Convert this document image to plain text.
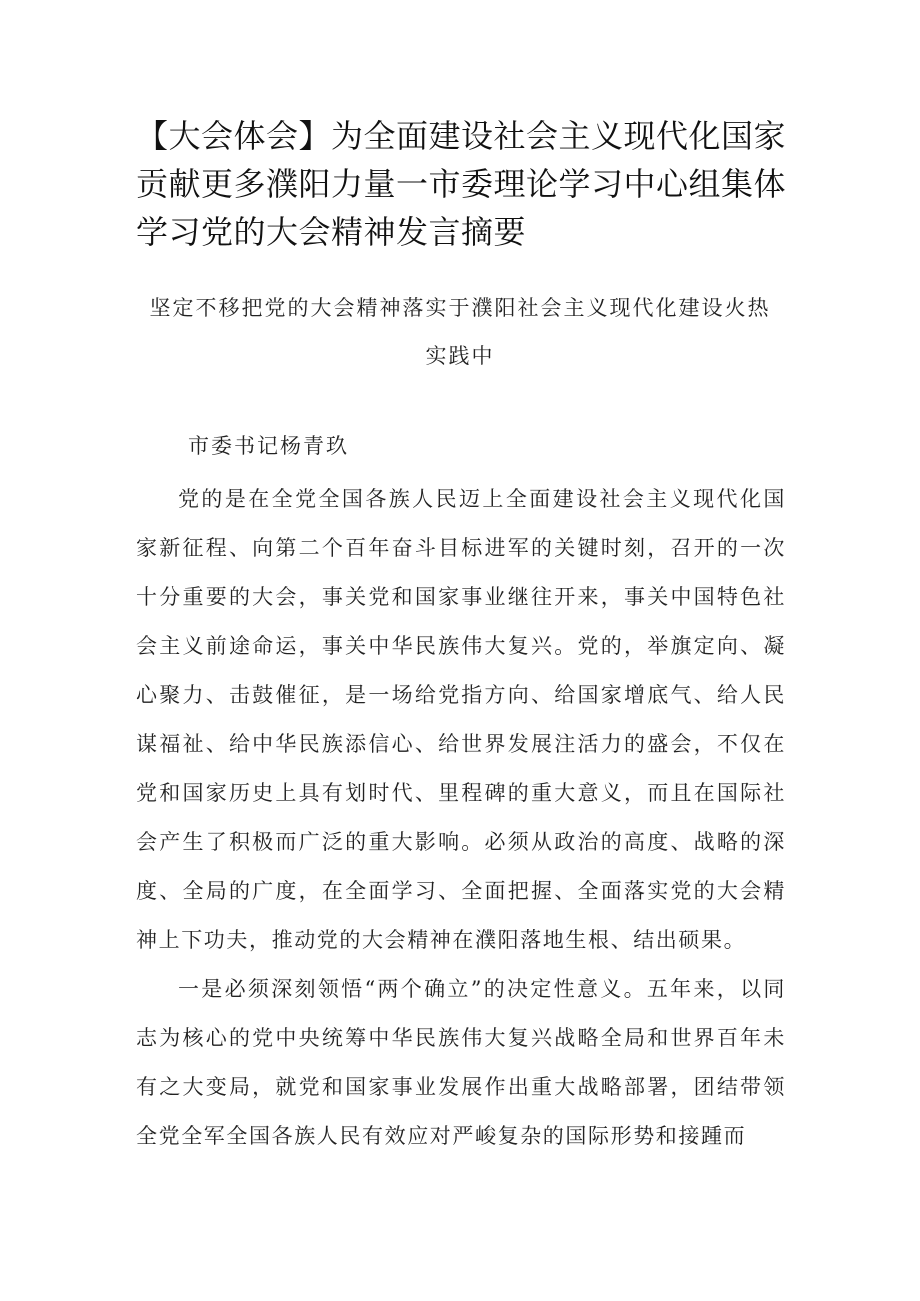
【大会体会】为全面建设社会主义现代化国家贡献更多濮阳力量一市委理论学习中心组集体学习党的大会精神发言摘要

坚定不移把党的大会精神落实于濮阳社会主义现代化建设火热实践中

市委书记杨青玖

党的是在全党全国各族人民迈上全面建设社会主义现代化国家新征程、向第二个百年奋斗目标进军的关键时刻，召开的一次十分重要的大会，事关党和国家事业继往开来，事关中国特色社会主义前途命运，事关中华民族伟大复兴。党的，举旗定向、凝心聚力、击鼓催征，是一场给党指方向、给国家增底气、给人民谋福祉、给中华民族添信心、给世界发展注活力的盛会，不仅在党和国家历史上具有划时代、里程碑的重大意义，而且在国际社会产生了积极而广泛的重大影响。必须从政治的高度、战略的深度、全局的广度，在全面学习、全面把握、全面落实党的大会精神上下功夫，推动党的大会精神在濮阳落地生根、结出硕果。

一是必须深刻领悟“两个确立”的决定性意义。五年来，以同志为核心的党中央统筹中华民族伟大复兴战略全局和世界百年未有之大变局，就党和国家事业发展作出重大战略部署，团结带领全党全军全国各族人民有效应对严峻复杂的国际形势和接踵而
